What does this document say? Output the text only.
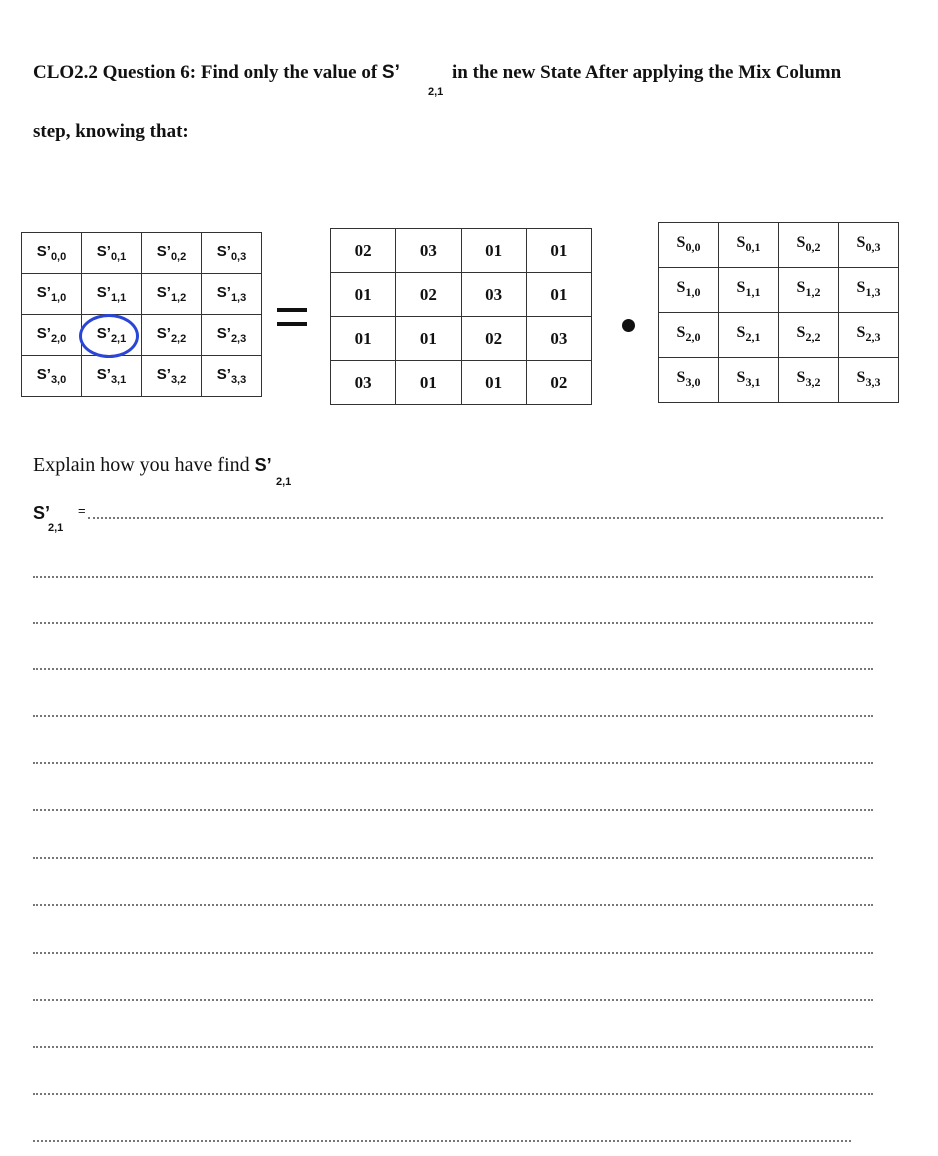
CLO2.2 Question 6: Find only the value of S’
2,1
in the new State After applying the Mix Column
step, knowing that:
$S’_{0,0}$	$S’_{0,1}$	$S’_{0,2}$	$S’_{0,3}$
$S’_{1,0}$	$S’_{1,1}$	$S’_{1,2}$	$S’_{1,3}$
$S’_{2,0}$	$S’_{2,1}$	$S’_{2,2}$	$S’_{2,3}$
$S’_{3,0}$	$S’_{3,1}$	$S’_{3,2}$	$S’_{3,3}$
02	03	01	01
01	02	03	01
01	01	02	03
03	01	01	02
$S_{0,0}$	$S_{0,1}$	$S_{0,2}$	$S_{0,3}$
$S_{1,0}$	$S_{1,1}$	$S_{1,2}$	$S_{1,3}$
$S_{2,0}$	$S_{2,1}$	$S_{2,2}$	$S_{2,3}$
$S_{3,0}$	$S_{3,1}$	$S_{3,2}$	$S_{3,3}$
Explain how you have find S’
2,1
S’
2,1
=
